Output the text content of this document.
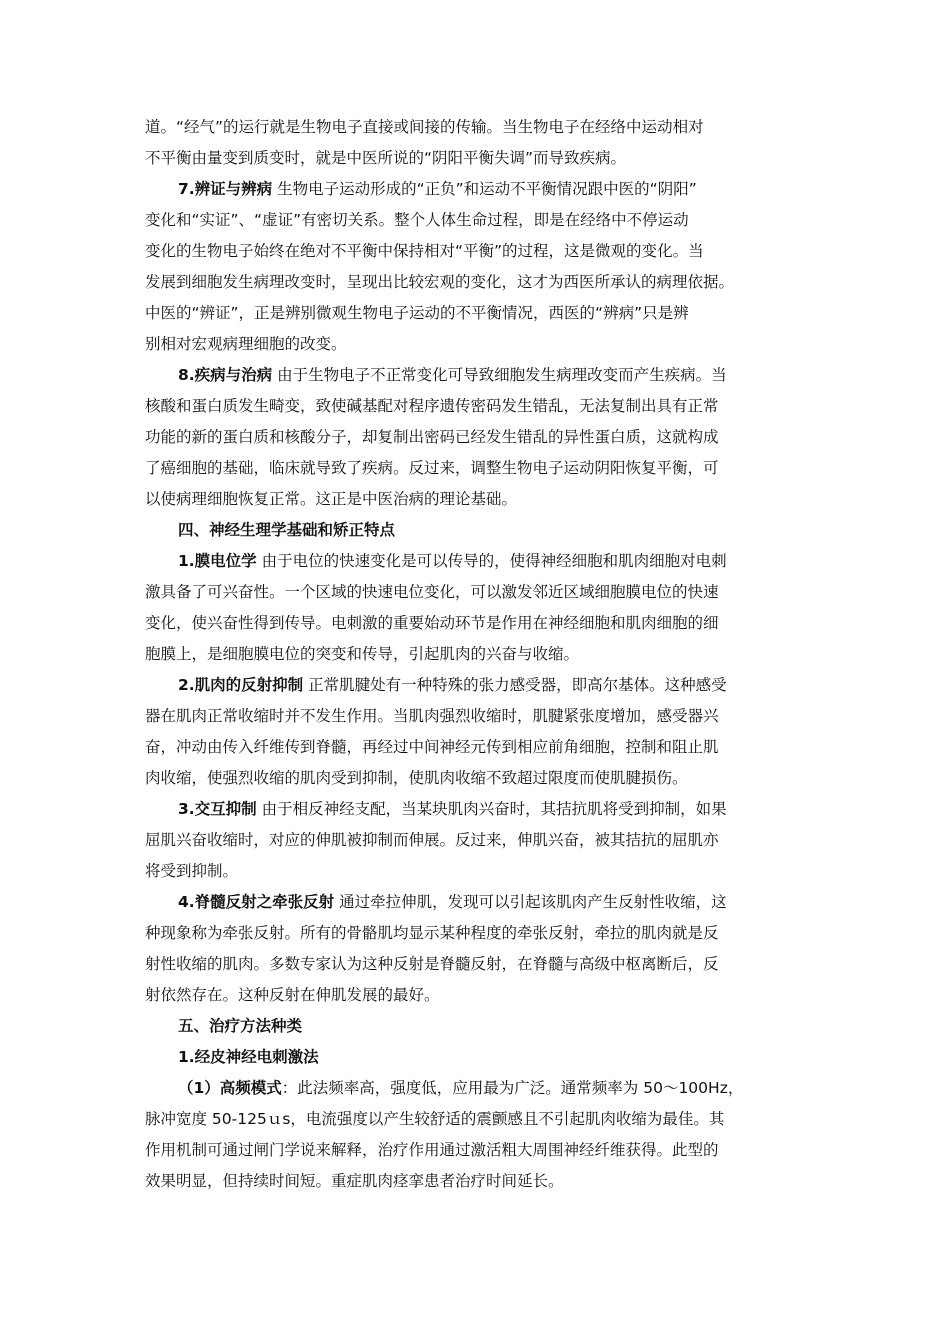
道。“经气”的运行就是生物电子直接或间接的传输。当生物电子在经络中运动相对
不平衡由量变到质变时，就是中医所说的“阴阳平衡失调”而导致疾病。
7.辨证与辨病 生物电子运动形成的“正负”和运动不平衡情况跟中医的“阴阳”
变化和“实证”、“虚证”有密切关系。整个人体生命过程，即是在经络中不停运动
变化的生物电子始终在绝对不平衡中保持相对“平衡”的过程，这是微观的变化。当
发展到细胞发生病理改变时，呈现出比较宏观的变化，这才为西医所承认的病理依据。
中医的“辨证”，正是辨别微观生物电子运动的不平衡情况，西医的“辨病”只是辨
别相对宏观病理细胞的改变。
8.疾病与治病 由于生物电子不正常变化可导致细胞发生病理改变而产生疾病。当
核酸和蛋白质发生畸变，致使碱基配对程序遗传密码发生错乱，无法复制出具有正常
功能的新的蛋白质和核酸分子，却复制出密码已经发生错乱的异性蛋白质，这就构成
了癌细胞的基础，临床就导致了疾病。反过来，调整生物电子运动阴阳恢复平衡，可
以使病理细胞恢复正常。这正是中医治病的理论基础。
四、神经生理学基础和矫正特点
1.膜电位学 由于电位的快速变化是可以传导的，使得神经细胞和肌肉细胞对电刺
激具备了可兴奋性。一个区域的快速电位变化，可以激发邻近区域细胞膜电位的快速
变化，使兴奋性得到传导。电刺激的重要始动环节是作用在神经细胞和肌肉细胞的细
胞膜上，是细胞膜电位的突变和传导，引起肌肉的兴奋与收缩。
2.肌肉的反射抑制 正常肌腱处有一种特殊的张力感受器，即高尔基体。这种感受
器在肌肉正常收缩时并不发生作用。当肌肉强烈收缩时，肌腱紧张度增加，感受器兴
奋，冲动由传入纤维传到脊髓，再经过中间神经元传到相应前角细胞，控制和阻止肌
肉收缩，使强烈收缩的肌肉受到抑制，使肌肉收缩不致超过限度而使肌腱损伤。
3.交互抑制 由于相反神经支配，当某块肌肉兴奋时，其拮抗肌将受到抑制，如果
屈肌兴奋收缩时，对应的伸肌被抑制而伸展。反过来，伸肌兴奋，被其拮抗的屈肌亦
将受到抑制。
4.脊髓反射之牵张反射 通过牵拉伸肌，发现可以引起该肌肉产生反射性收缩，这
种现象称为牵张反射。所有的骨骼肌均显示某种程度的牵张反射，牵拉的肌肉就是反
射性收缩的肌肉。多数专家认为这种反射是脊髓反射，在脊髓与高级中枢离断后，反
射依然存在。这种反射在伸肌发展的最好。
五、治疗方法种类
1.经皮神经电刺激法
（1）高频模式：此法频率高，强度低，应用最为广泛。通常频率为 50～100Hz，
脉冲宽度 50-125ｕs，电流强度以产生较舒适的震颤感且不引起肌肉收缩为最佳。其
作用机制可通过闸门学说来解释，治疗作用通过激活粗大周围神经纤维获得。此型的
效果明显，但持续时间短。重症肌肉痉挛患者治疗时间延长。
